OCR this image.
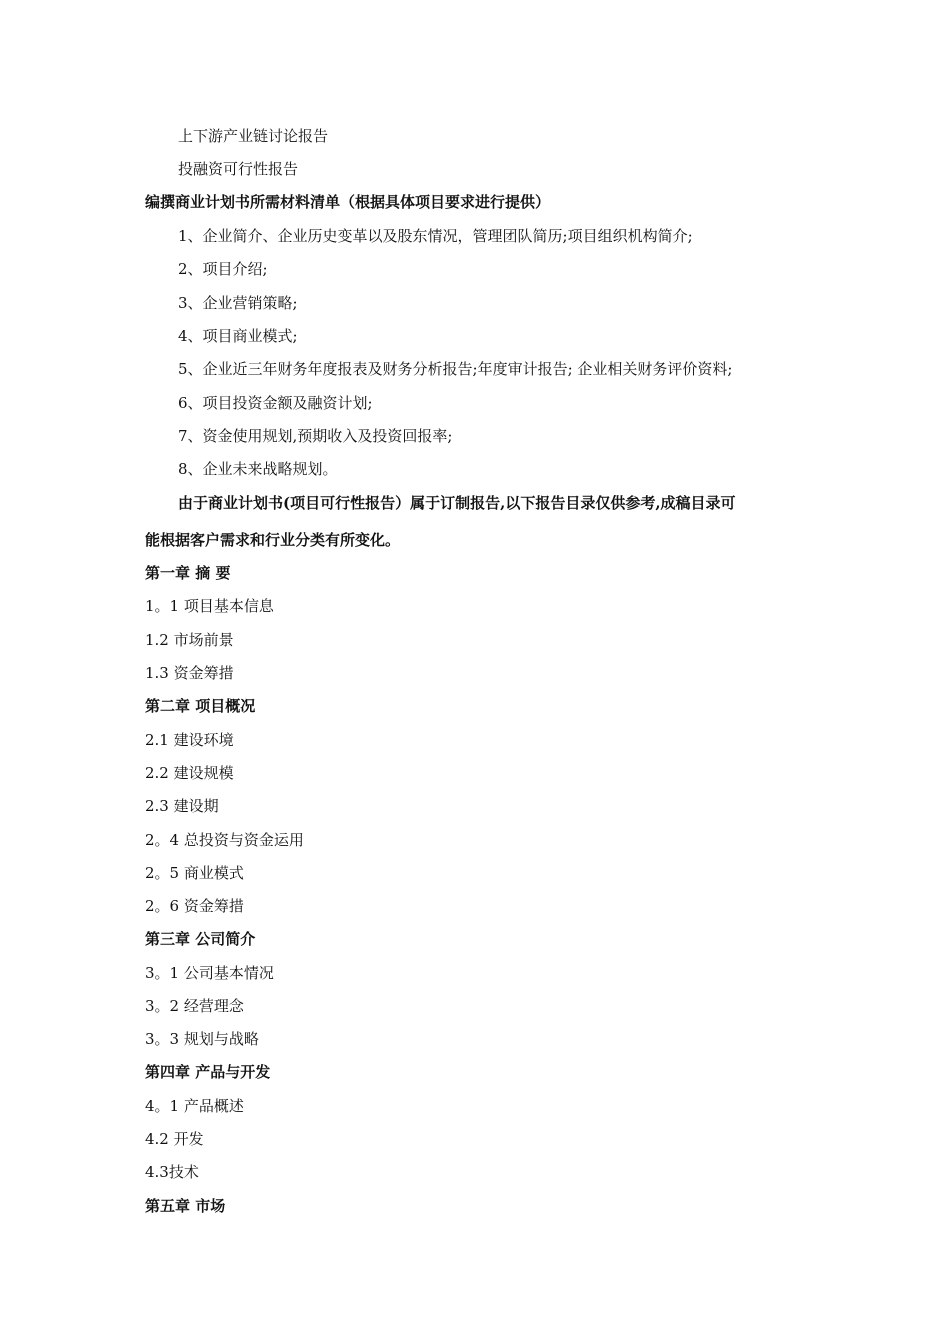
上下游产业链讨论报告
投融资可行性报告
编撰商业计划书所需材料清单（根据具体项目要求进行提供）
1、企业简介、企业历史变革以及股东情况，管理团队简历;项目组织机构简介;
2、项目介绍;
3、企业营销策略;
4、项目商业模式;
5、企业近三年财务年度报表及财务分析报告;年度审计报告; 企业相关财务评价资料;
6、项目投资金额及融资计划;
7、资金使用规划,预期收入及投资回报率;
8、企业未来战略规划。
由于商业计划书(项目可行性报告）属于订制报告,以下报告目录仅供参考,成稿目录可
能根据客户需求和行业分类有所变化。
第一章 摘 要
1。1 项目基本信息
1.2 市场前景
1.3 资金筹措
第二章 项目概况
2.1 建设环境
2.2 建设规模
2.3 建设期
2。4 总投资与资金运用
2。5 商业模式
2。6 资金筹措
第三章 公司简介
3。1 公司基本情况
3。2 经营理念
3。3 规划与战略
第四章 产品与开发
4。1 产品概述
4.2 开发
4.3技术
第五章 市场
